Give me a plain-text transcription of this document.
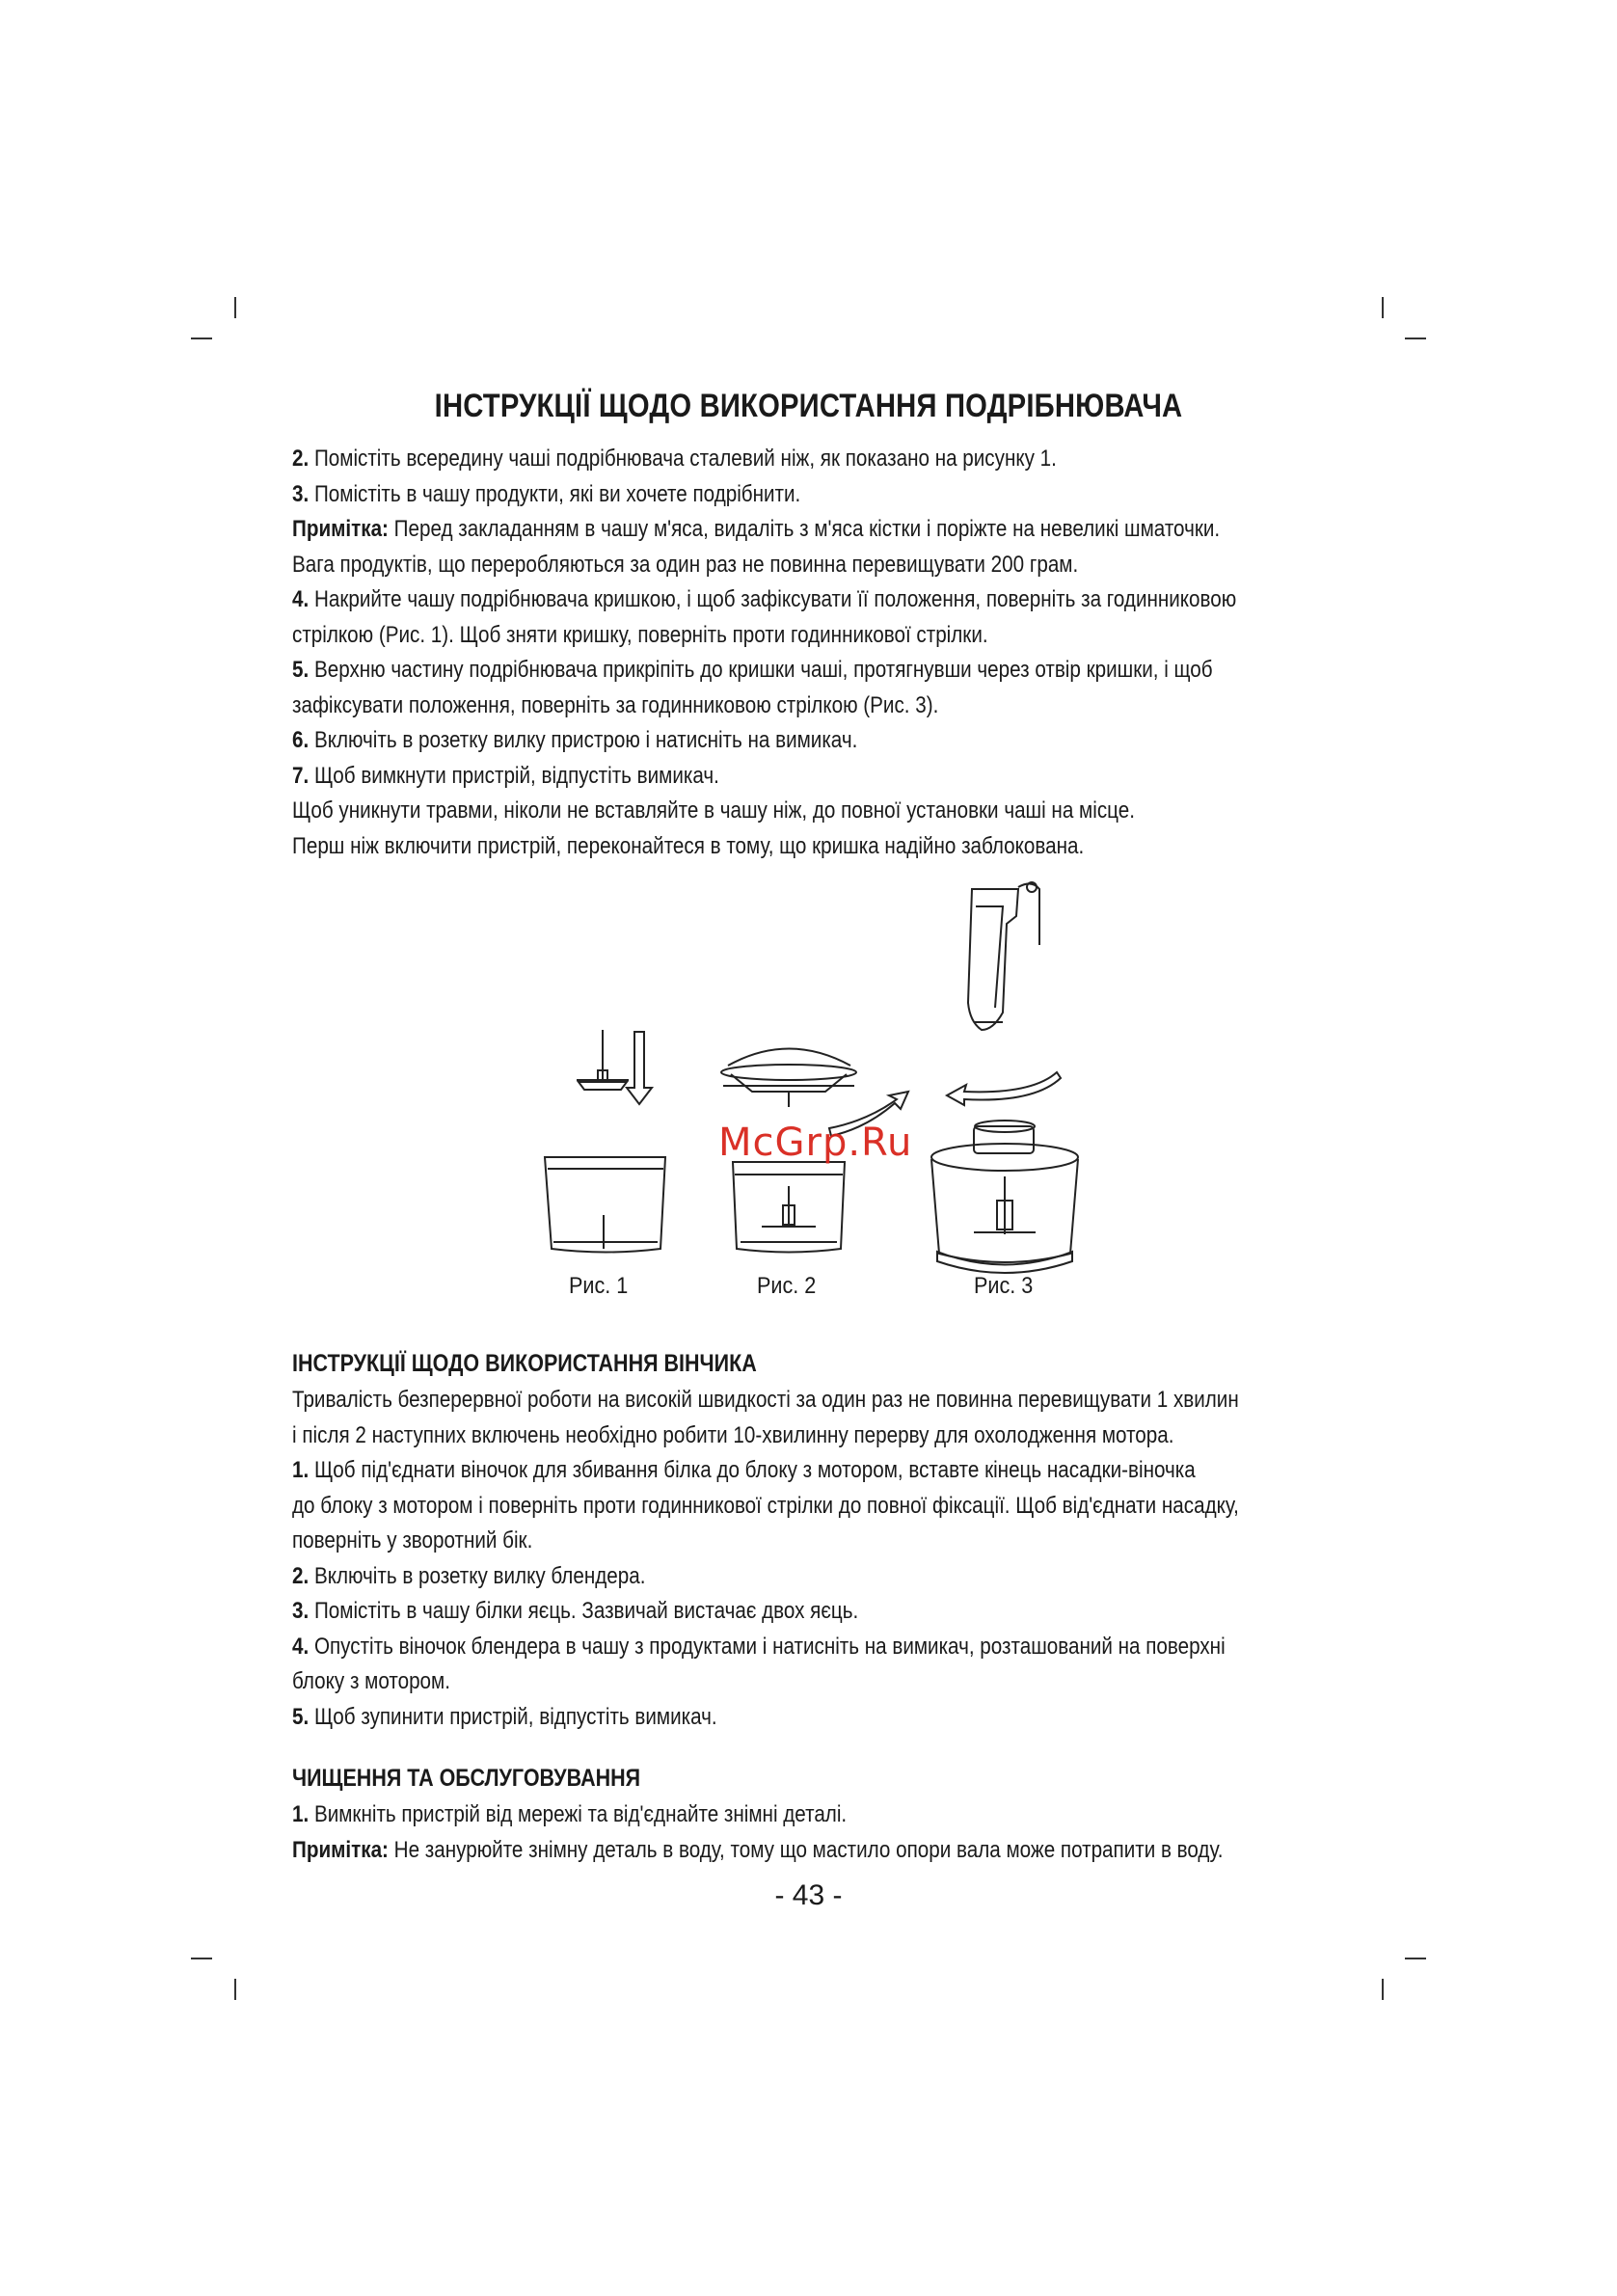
ІНСТРУКЦІЇ ЩОДО ВИКОРИСТАННЯ ПОДРІБНЮВАЧА
2. Помістіть всередину чаші подрібнювача сталевий ніж, як показано на рисунку 1.
3. Помістіть в чашу продукти, які ви хочете подрібнити.
Примітка: Перед закладанням в чашу м'яса, видаліть з м'яса кістки і поріжте на невеликі шматочки.
Вага продуктів, що переробляються за один раз не повинна перевищувати 200 грам.
4. Накрийте чашу подрібнювача кришкою, і щоб зафіксувати її положення, поверніть за годинниковою
стрілкою (Рис. 1). Щоб зняти кришку, поверніть проти годинникової стрілки.
5. Верхню частину подрібнювача прикріпіть до кришки чаші, протягнувши через отвір кришки, і щоб
зафіксувати положення, поверніть за годинниковою стрілкою (Рис. 3).
6. Включіть в розетку вилку пристрою і натисніть на вимикач.
7. Щоб вимкнути пристрій, відпустіть вимикач.
Щоб уникнути травми, ніколи не вставляйте в чашу ніж, до повної установки чаші на місце.
Перш ніж включити пристрій, переконайтеся в тому, що кришка надійно заблокована.
Рис. 1	Рис. 2	Рис. 3
McGrp.Ru
ІНСТРУКЦІЇ ЩОДО ВИКОРИСТАННЯ ВІНЧИКА
Тривалість безперервної роботи на високій швидкості за один раз не повинна перевищувати 1 хвилин
і після 2 наступних включень необхідно робити 10-хвилинну перерву для охолодження мотора.
1. Щоб під'єднати віночок для збивання білка до блоку з мотором, вставте кінець насадки-віночка
до блоку з мотором і поверніть проти годинникової стрілки до повної фіксації. Щоб від'єднати насадку,
поверніть у зворотний бік.
2. Включіть в розетку вилку блендера.
3. Помістіть в чашу білки яєць. Зазвичай вистачає двох яєць.
4. Опустіть віночок блендера в чашу з продуктами і натисніть на вимикач, розташований на поверхні
блоку з мотором.
5. Щоб зупинити пристрій, відпустіть вимикач.
ЧИЩЕННЯ ТА ОБСЛУГОВУВАННЯ
1. Вимкніть пристрій від мережі та від'єднайте знімні деталі.
Примітка: Не занурюйте знімну деталь в воду, тому що мастило опори вала може потрапити в воду.
- 43 -
